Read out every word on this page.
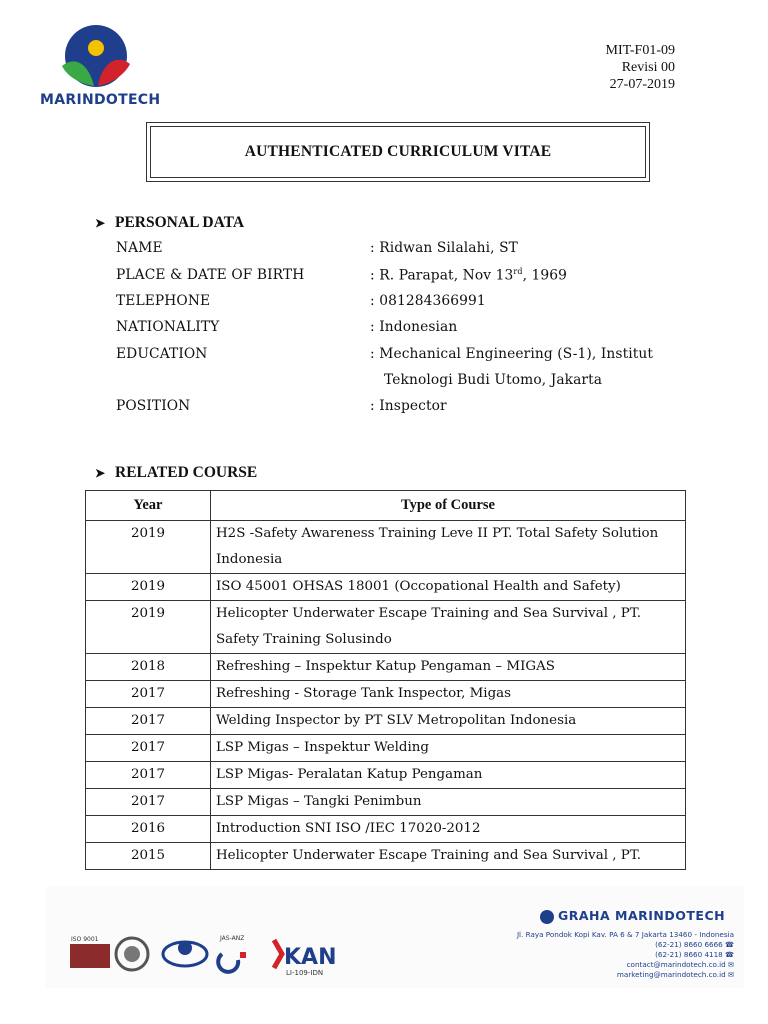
MARINDOTECH
MIT-F01-09
Revisi 00
27-07-2019
AUTHENTICATED CURRICULUM VITAE
➤ PERSONAL DATA
NAME	: Ridwan Silalahi, ST
PLACE & DATE OF BIRTH	: R. Parapat, Nov 13rd, 1969
TELEPHONE	: 081284366991
NATIONALITY	: Indonesian
EDUCATION	: Mechanical Engineering (S-1), Institut
Teknologi Budi Utomo, Jakarta
POSITION	: Inspector
➤ RELATED COURSE
Year	Type of Course
2019	H2S -Safety Awareness Training Leve II PT. Total Safety Solution Indonesia
2019	ISO 45001 OHSAS 18001 (Occopational Health and Safety)
2019	Helicopter Underwater Escape Training and Sea Survival , PT. Safety Training Solusindo
2018	Refreshing – Inspektur Katup Pengaman – MIGAS
2017	Refreshing - Storage Tank Inspector, Migas
2017	Welding Inspector by PT SLV Metropolitan Indonesia
2017	LSP Migas – Inspektur Welding
2017	LSP Migas- Peralatan Katup Pengaman
2017	LSP Migas – Tangki Penimbun
2016	Introduction SNI ISO /IEC 17020-2012
2015	Helicopter Underwater Escape Training and Sea Survival , PT.
ISO 9001	JAS-ANZ
KAN
LI-109-IDN
GRAHA MARINDOTECH
Jl. Raya Pondok Kopi Kav. PA 6 & 7 Jakarta 13460 - Indonesia
(62-21) 8660 6666 ☎
(62-21) 8660 4118 ☎
contact@marindotech.co.id ✉
marketing@marindotech.co.id ✉
